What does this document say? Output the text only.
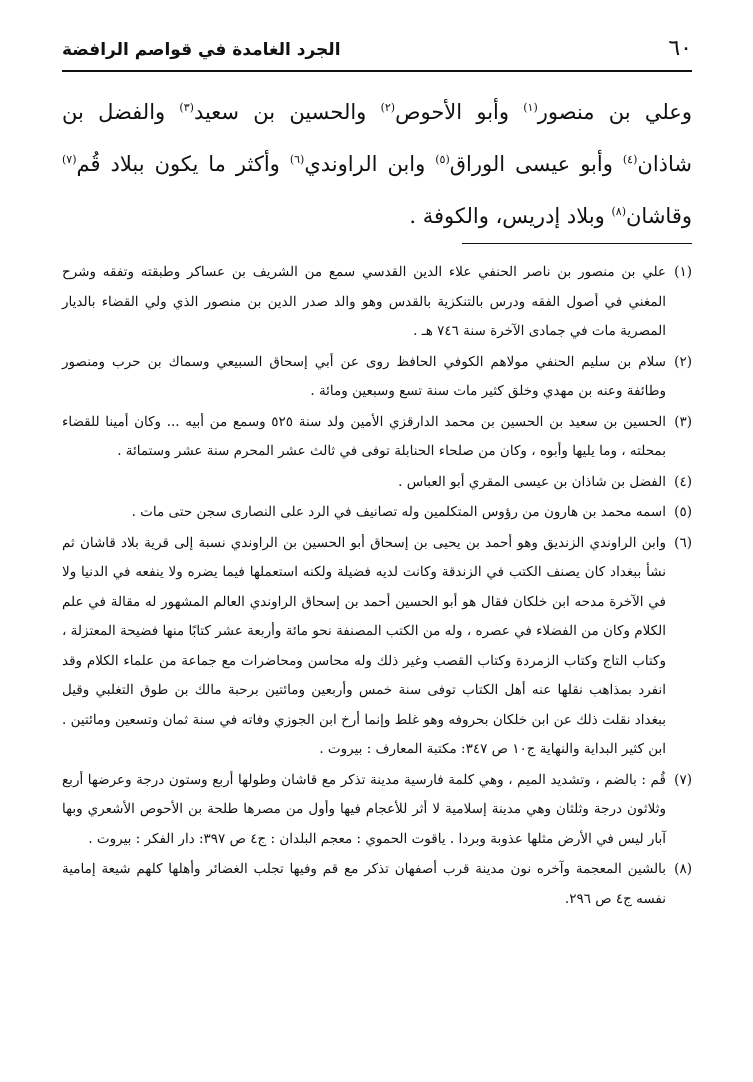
٦٠
الجرد الغامدة في قواصم الرافضة
وعلي بن منصور$^{(١)}$ وأبو الأحوص$^{(٢)}$ والحسين بن سعيد$^{(٣)}$ والفضل بن شاذان$^{(٤)}$ وأبو عيسى الوراق$^{(٥)}$ وابن الراوندي$^{(٦)}$ وأكثر ما يكون ببلاد قُم$^{(٧)}$ وقاشان$^{(٨)}$ وبلاد إدريس، والكوفة .

(١)علي بن منصور بن ناصر الحنفي علاء الدين القدسي سمع من الشريف بن عساكر وطبقته وتفقه وشرح المغني في أصول الفقه ودرس بالتنكزية بالقدس وهو والد صدر الدين بن منصور الذي ولي القضاء بالديار المصرية مات في جمادى الآخرة سنة ٧٤٦ هـ .

(٢)سلام بن سليم الحنفي مولاهم الكوفي الحافظ روى عن أبي إسحاق السبيعي وسماك بن حرب ومنصور وطائفة وعنه بن مهدي وخلق كثير مات سنة تسع وسبعين ومائة .

(٣)الحسين بن سعيد بن الحسين بن محمد الدارقزي الأمين ولد سنة ٥٢٥ وسمع من أبيه ... وكان أمينا للقضاء بمحلته ، وما يليها وأبوه ، وكان من صلحاء الحنابلة توفى في ثالث عشر المحرم سنة عشر وستمائة .

(٤)الفضل بن شاذان بن عيسى المقري أبو العباس .

(٥)اسمه محمد بن هارون من رؤوس المتكلمين وله تصانيف في الرد على النصارى سجن حتى مات .

(٦)وابن الراوندي الزنديق وهو أحمد بن يحيى بن إسحاق أبو الحسين بن الراوندي نسبة إلى قرية بلاد قاشان ثم نشأ ببغداد كان يصنف الكتب في الزندقة وكانت لديه فضيلة ولكنه استعملها فيما يضره ولا ينفعه في الدنيا ولا في الآخرة مدحه ابن خلكان فقال هو أبو الحسين أحمد بن إسحاق الراوندي العالم المشهور له مقالة في علم الكلام وكان من الفضلاء في عصره ، وله من الكتب المصنفة نحو مائة وأربعة عشر كتابًا منها فضيحة المعتزلة ، وكتاب التاج وكتاب الزمردة وكتاب القصب وغير ذلك وله محاسن ومحاضرات مع جماعة من علماء الكلام وقد انفرد بمذاهب نقلها عنه أهل الكتاب توفى سنة خمس وأربعين ومائتين برحبة مالك بن طوق التغلبي وقيل ببغداد نقلت ذلك عن ابن خلكان بحروفه وهو غلط وإنما أرخ ابن الجوزي وفاته في سنة ثمان وتسعين ومائتين . ابن كثير البداية والنهاية ج١٠ ص ٣٤٧: مكتبة المعارف : بيروت .

(٧)قُم : بالضم ، وتشديد الميم ، وهي كلمة فارسية مدينة تذكر مع قاشان وطولها أربع وستون درجة وعرضها أربع وثلاثون درجة وثلثان وهي مدينة إسلامية لا أثر للأعجام فيها وأول من مصرها طلحة بن الأحوص الأشعري وبها آبار ليس في الأرض مثلها عذوبة وبردا . ياقوت الحموي : معجم البلدان : ج٤ ص ٣٩٧: دار الفكر : بيروت .

(٨)بالشين المعجمة وآخره نون مدينة قرب أصفهان تذكر مع قم وفيها تجلب الغضائر وأهلها كلهم شيعة إمامية نفسه ج٤ ص ٢٩٦.
